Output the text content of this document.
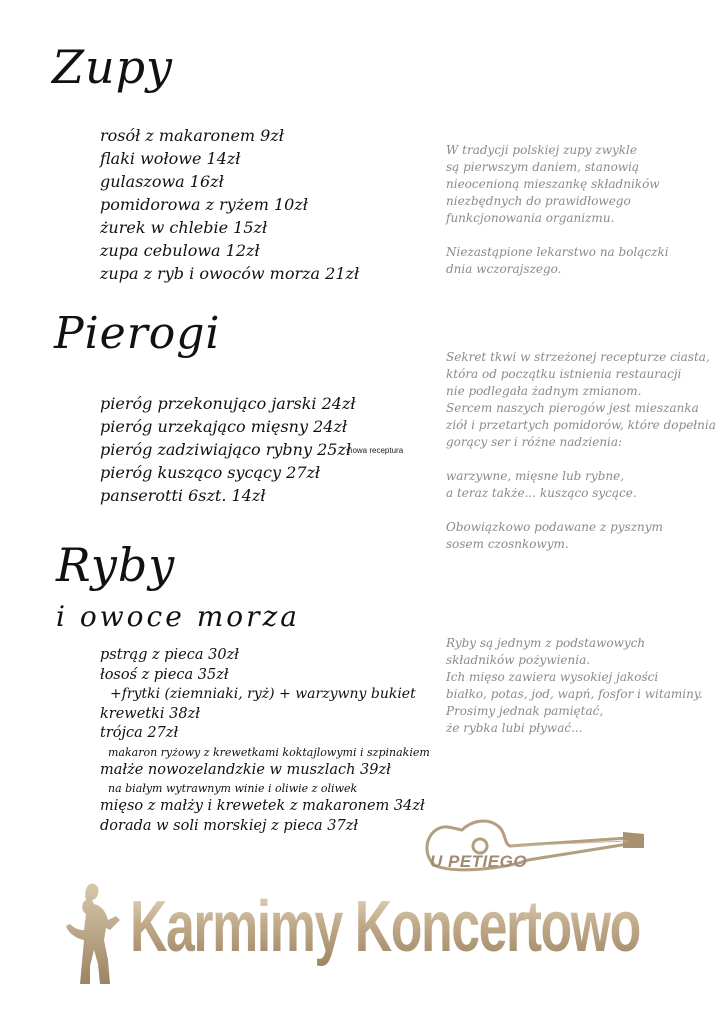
Zupy
rosół z makaronem 9zł
flaki wołowe 14zł
gulaszowa 16zł
pomidorowa z ryżem 10zł
żurek w chlebie 15zł
zupa cebulowa 12zł
zupa z ryb i owoców morza 21zł
W tradycji polskiej zupy zwykle
są pierwszym daniem, stanowią
nieocenioną mieszankę składników
niezbędnych do prawidłowego
funkcjonowania organizmu.
Niezastąpione lekarstwo na bolączki
dnia wczorajszego.
Pierogi
pieróg przekonująco jarski 24zł
pieróg urzekająco mięsny 24zł
pieróg zadziwiająco rybny 25zł
pieróg kusząco sycący 27zł
panserotti 6szt. 14zł
nowa receptura
Sekret tkwi w strzeżonej recepturze ciasta,
która od początku istnienia restauracji
nie podlegała żadnym zmianom.
Sercem naszych pierogów jest mieszanka
ziół i przetartych pomidorów, które dopełnia
gorący ser i różne nadzienia:
warzywne, mięsne lub rybne,
a teraz także... kusząco sycące.
Obowiązkowo podawane z pysznym
sosem czosnkowym.
Ryby
i owoce morza
pstrąg z pieca 30zł
łosoś z pieca 35zł
+frytki (ziemniaki, ryż) + warzywny bukiet
krewetki 38zł
trójca 27zł
makaron ryżowy z krewetkami koktajlowymi i szpinakiem
małże nowozelandzkie w muszlach 39zł
na białym wytrawnym winie i oliwie z oliwek
mięso z małży i krewetek z makaronem 34zł
dorada w soli morskiej z pieca 37zł
Ryby są jednym z podstawowych
składników pożywienia.
Ich mięso zawiera wysokiej jakości
białko, potas, jod, wapń, fosfor i witaminy.
Prosimy jednak pamiętać,
że rybka lubi pływać...
U PETIEGO
Karmimy Koncertowo
